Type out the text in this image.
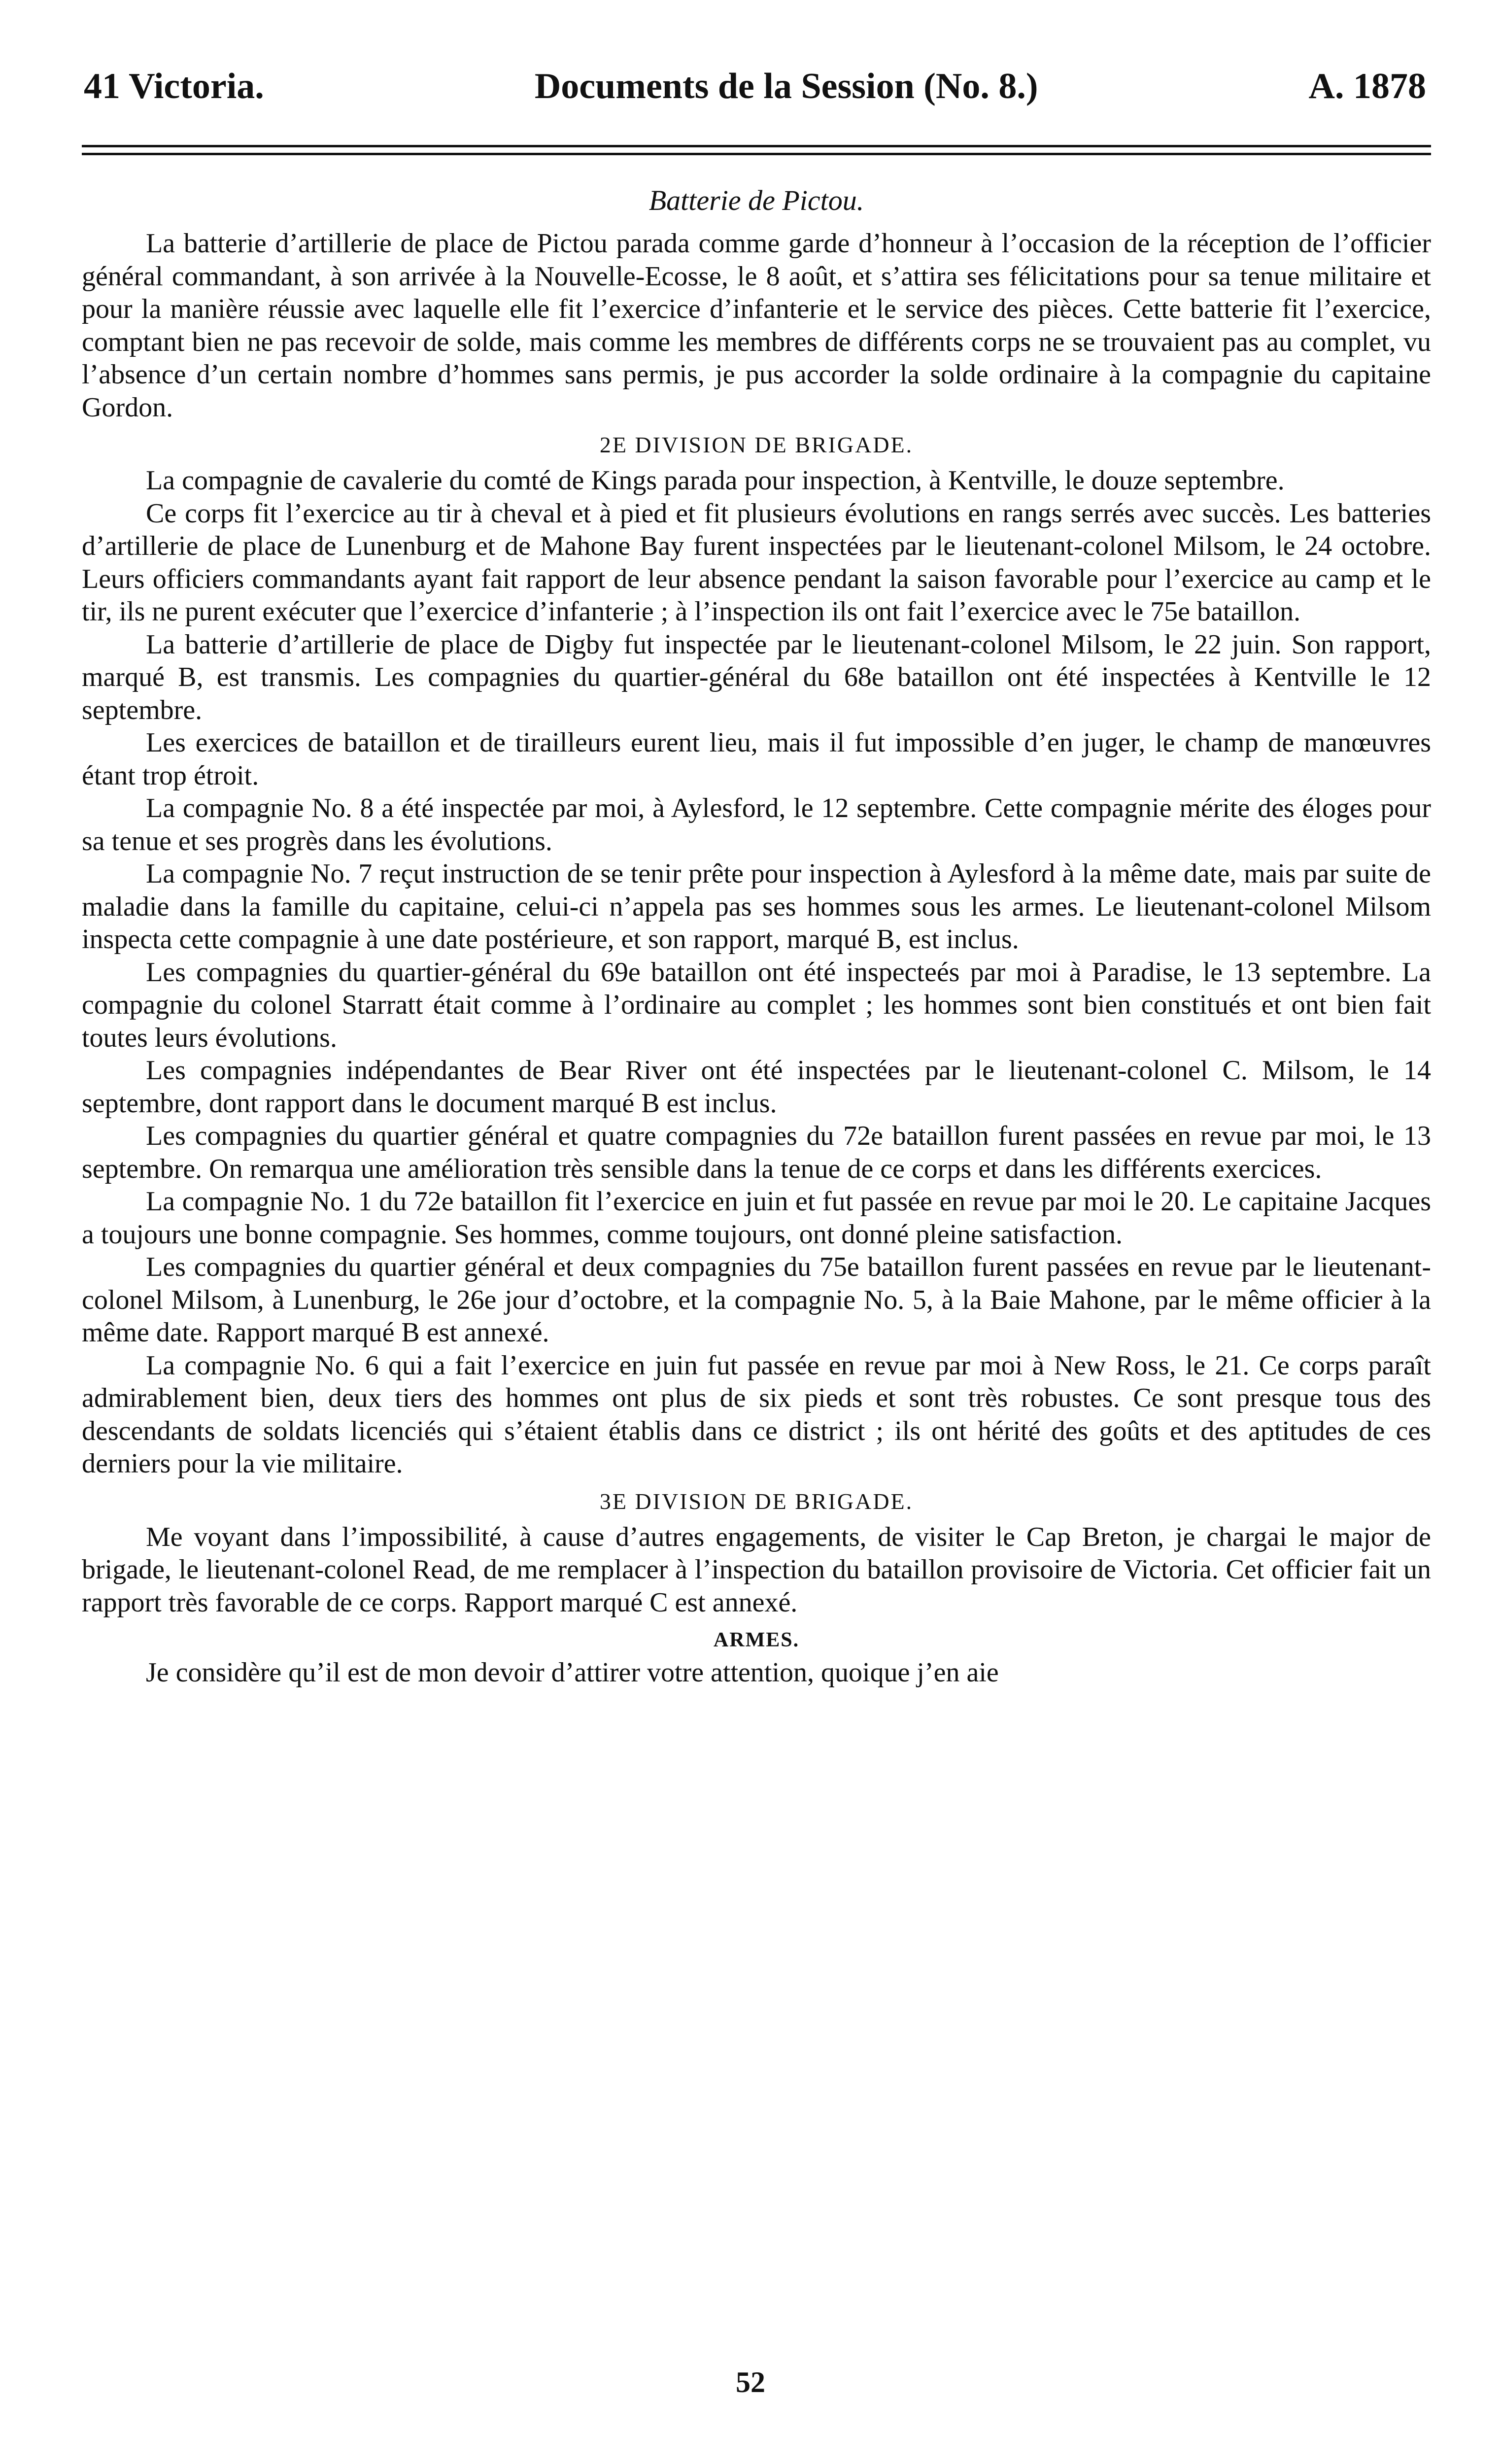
41 Victoria.	Documents de la Session (No. 8.)	A. 1878
Batterie de Pictou.

La batterie d’artillerie de place de Pictou parada comme garde d’honneur à l’occasion de la réception de l’officier général commandant, à son arrivée à la Nouvelle-Ecosse, le 8 août, et s’attira ses félicitations pour sa tenue militaire et pour la manière réussie avec laquelle elle fit l’exercice d’infanterie et le service des pièces. Cette batterie fit l’exercice, comptant bien ne pas recevoir de solde, mais comme les membres de différents corps ne se trouvaient pas au complet, vu l’absence d’un certain nombre d’hommes sans permis, je pus accorder la solde ordinaire à la compagnie du capitaine Gordon.

2E DIVISION DE BRIGADE.

La compagnie de cavalerie du comté de Kings parada pour inspection, à Kentville, le douze septembre.

Ce corps fit l’exercice au tir à cheval et à pied et fit plusieurs évolutions en rangs serrés avec succès. Les batteries d’artillerie de place de Lunenburg et de Mahone Bay furent inspectées par le lieutenant-colonel Milsom, le 24 octobre. Leurs officiers commandants ayant fait rapport de leur absence pendant la saison favorable pour l’exercice au camp et le tir, ils ne purent exécuter que l’exercice d’infanterie ; à l’inspection ils ont fait l’exercice avec le 75e bataillon.

La batterie d’artillerie de place de Digby fut inspectée par le lieutenant-colonel Milsom, le 22 juin. Son rapport, marqué B, est transmis. Les compagnies du quartier-général du 68e bataillon ont été inspectées à Kentville le 12 septembre.

Les exercices de bataillon et de tirailleurs eurent lieu, mais il fut impossible d’en juger, le champ de manœuvres étant trop étroit.

La compagnie No. 8 a été inspectée par moi, à Aylesford, le 12 septembre. Cette compagnie mérite des éloges pour sa tenue et ses progrès dans les évolutions.

La compagnie No. 7 reçut instruction de se tenir prête pour inspection à Aylesford à la même date, mais par suite de maladie dans la famille du capitaine, celui-ci n’appela pas ses hommes sous les armes. Le lieutenant-colonel Milsom inspecta cette compagnie à une date postérieure, et son rapport, marqué B, est inclus.

Les compagnies du quartier-général du 69e bataillon ont été inspecteés par moi à Paradise, le 13 septembre. La compagnie du colonel Starratt était comme à l’ordinaire au complet ; les hommes sont bien constitués et ont bien fait toutes leurs évolutions.

Les compagnies indépendantes de Bear River ont été inspectées par le lieutenant-colonel C. Milsom, le 14 septembre, dont rapport dans le document marqué B est inclus.

Les compagnies du quartier général et quatre compagnies du 72e bataillon furent passées en revue par moi, le 13 septembre. On remarqua une amélioration très sensible dans la tenue de ce corps et dans les différents exercices.

La compagnie No. 1 du 72e bataillon fit l’exercice en juin et fut passée en revue par moi le 20. Le capitaine Jacques a toujours une bonne compagnie. Ses hommes, comme toujours, ont donné pleine satisfaction.

Les compagnies du quartier général et deux compagnies du 75e bataillon furent passées en revue par le lieutenant-colonel Milsom, à Lunenburg, le 26e jour d’octobre, et la compagnie No. 5, à la Baie Mahone, par le même officier à la même date. Rapport marqué B est annexé.

La compagnie No. 6 qui a fait l’exercice en juin fut passée en revue par moi à New Ross, le 21. Ce corps paraît admirablement bien, deux tiers des hommes ont plus de six pieds et sont très robustes. Ce sont presque tous des descendants de soldats licenciés qui s’étaient établis dans ce district ; ils ont hérité des goûts et des aptitudes de ces derniers pour la vie militaire.

3E DIVISION DE BRIGADE.

Me voyant dans l’impossibilité, à cause d’autres engagements, de visiter le Cap Breton, je chargai le major de brigade, le lieutenant-colonel Read, de me remplacer à l’inspection du bataillon provisoire de Victoria. Cet officier fait un rapport très favorable de ce corps. Rapport marqué C est annexé.

ARMES.

Je considère qu’il est de mon devoir d’attirer votre attention, quoique j’en aie

52
